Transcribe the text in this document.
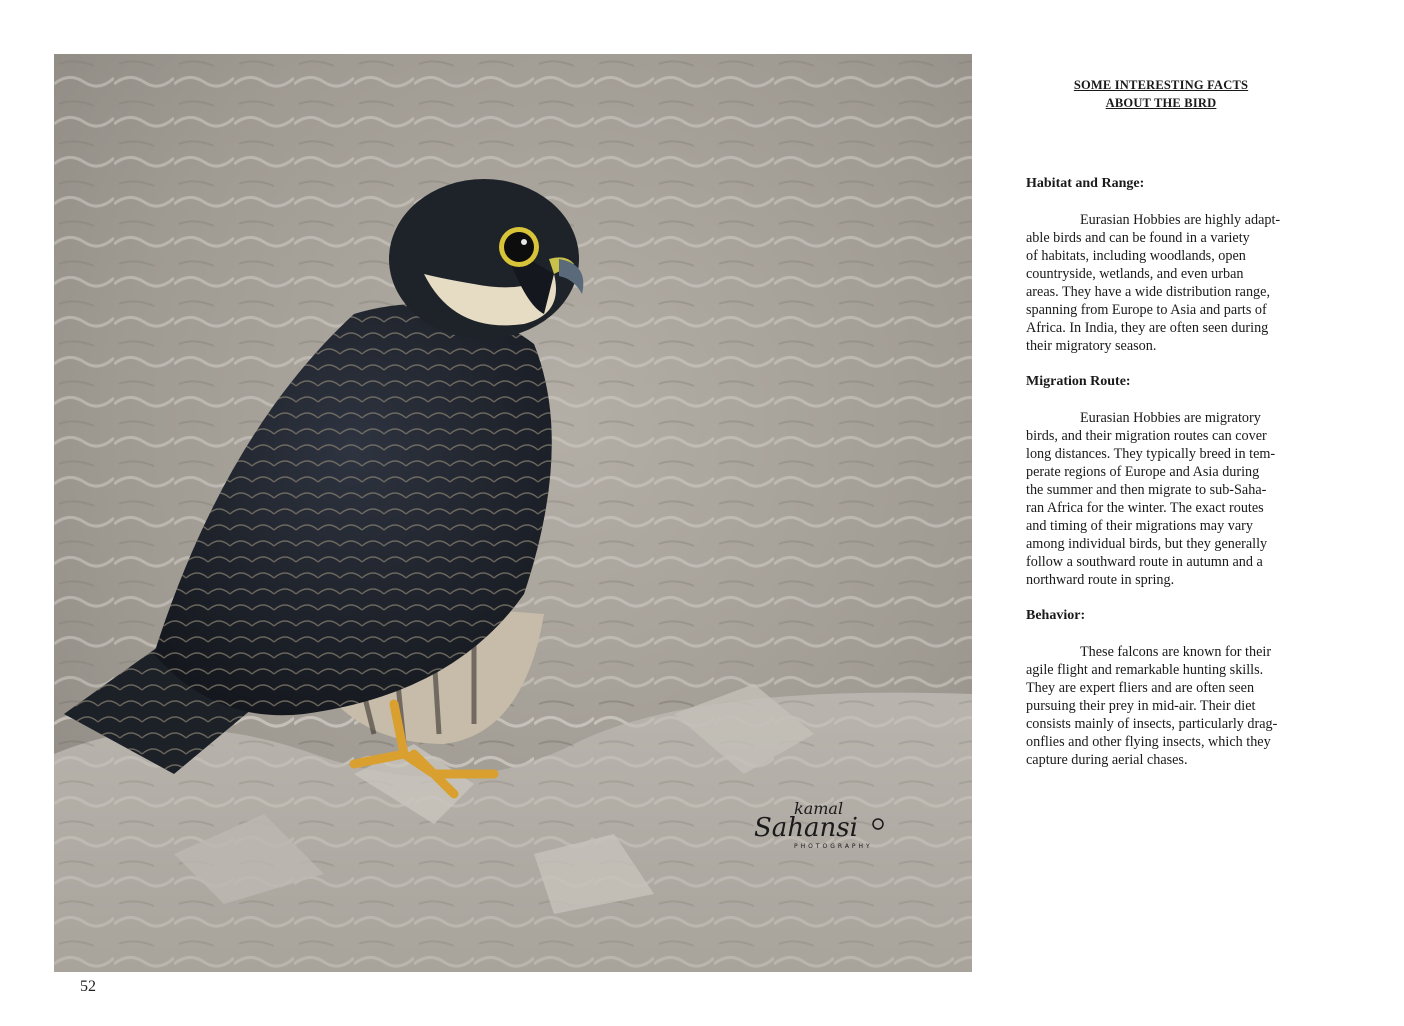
kamal
Sahansi
PHOTOGRAPHY
52
SOME INTERESTING FACTS
ABOUT THE BIRD

Habitat and Range:

Eurasian Hobbies are highly adapt-
able birds and can be found in a variety
of habitats, including woodlands, open
countryside, wetlands, and even urban
areas. They have a wide distribution range,
spanning from Europe to Asia and parts of
Africa. In India, they are often seen during
their migratory season.

Migration Route:

Eurasian Hobbies are migratory
birds, and their migration routes can cover
long distances. They typically breed in tem-
perate regions of Europe and Asia during
the summer and then migrate to sub-Saha-
ran Africa for the winter. The exact routes
and timing of their migrations may vary
among individual birds, but they generally
follow a southward route in autumn and a
northward route in spring.

Behavior:

These falcons are known for their
agile flight and remarkable hunting skills.
They are expert fliers and are often seen
pursuing their prey in mid-air. Their diet
consists mainly of insects, particularly drag-
onflies and other flying insects, which they
capture during aerial chases.
